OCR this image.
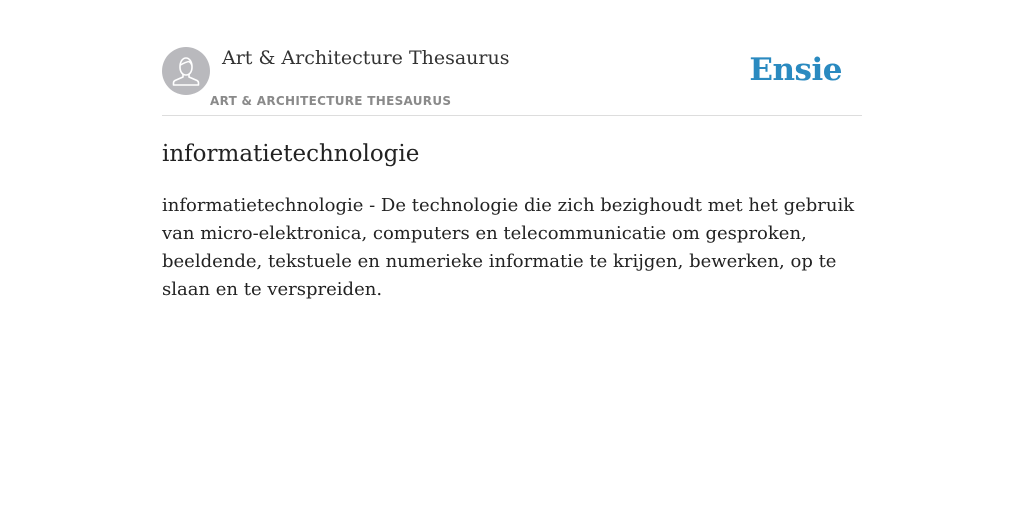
Art & Architecture Thesaurus
ART & ARCHITECTURE THESAURUS
Ensie
informatietechnologie

informatietechnologie - De technologie die zich bezighoudt met het gebruik van micro-elektronica, computers en telecommunicatie om gesproken, beeldende, tekstuele en numerieke informatie te krijgen, bewerken, op te slaan en te verspreiden.
